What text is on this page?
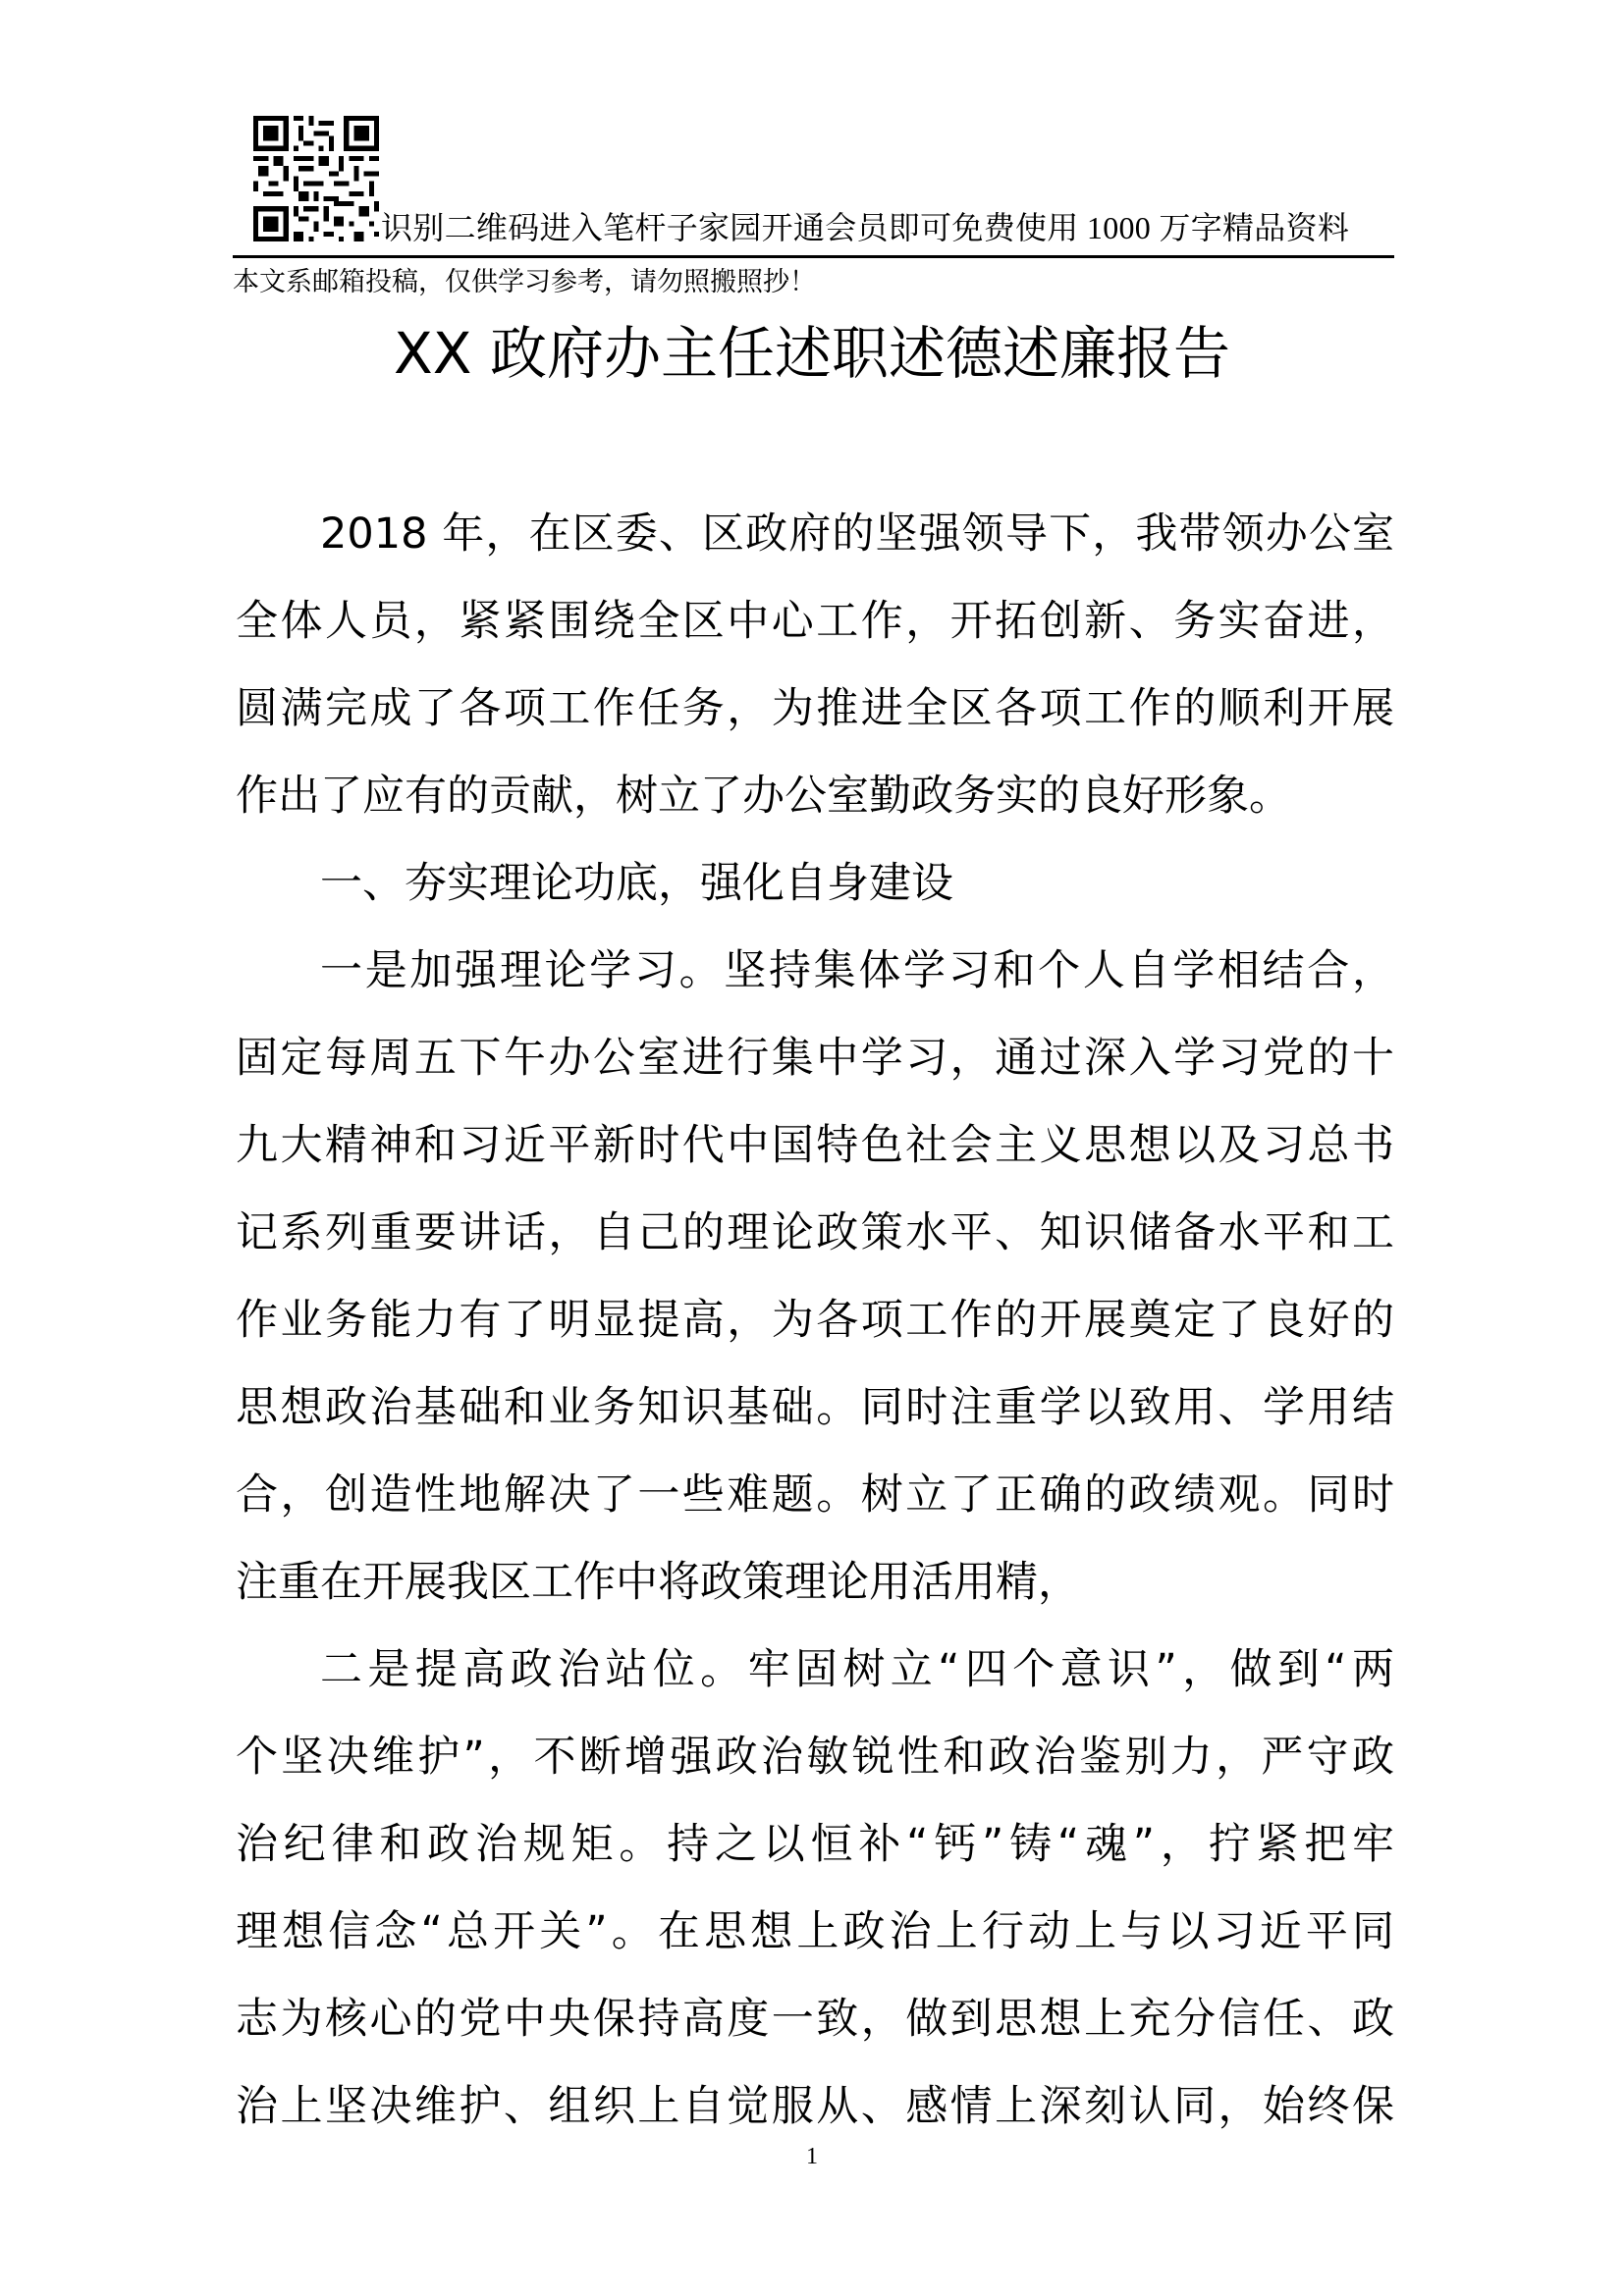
识别二维码进入笔杆子家园开通会员即可免费使用 1000 万字精品资料
本文系邮箱投稿，仅供学习参考，请勿照搬照抄！
XX 政府办主任述职述德述廉报告
2018 年，在区委、区政府的坚强领导下，我带领办公室
全体人员，紧紧围绕全区中心工作，开拓创新、务实奋进，
圆满完成了各项工作任务，为推进全区各项工作的顺利开展
作出了应有的贡献，树立了办公室勤政务实的良好形象。
一、夯实理论功底，强化自身建设
一是加强理论学习。坚持集体学习和个人自学相结合，
固定每周五下午办公室进行集中学习，通过深入学习党的十
九大精神和习近平新时代中国特色社会主义思想以及习总书
记系列重要讲话，自己的理论政策水平、知识储备水平和工
作业务能力有了明显提高，为各项工作的开展奠定了良好的
思想政治基础和业务知识基础。同时注重学以致用、学用结
合，创造性地解决了一些难题。树立了正确的政绩观。同时
注重在开展我区工作中将政策理论用活用精，
二是提高政治站位。牢固树立“四个意识”，做到“两
个坚决维护”，不断增强政治敏锐性和政治鉴别力，严守政
治纪律和政治规矩。持之以恒补“钙”铸“魂”，拧紧把牢
理想信念“总开关”。在思想上政治上行动上与以习近平同
志为核心的党中央保持高度一致，做到思想上充分信任、政
治上坚决维护、组织上自觉服从、感情上深刻认同，始终保
1
